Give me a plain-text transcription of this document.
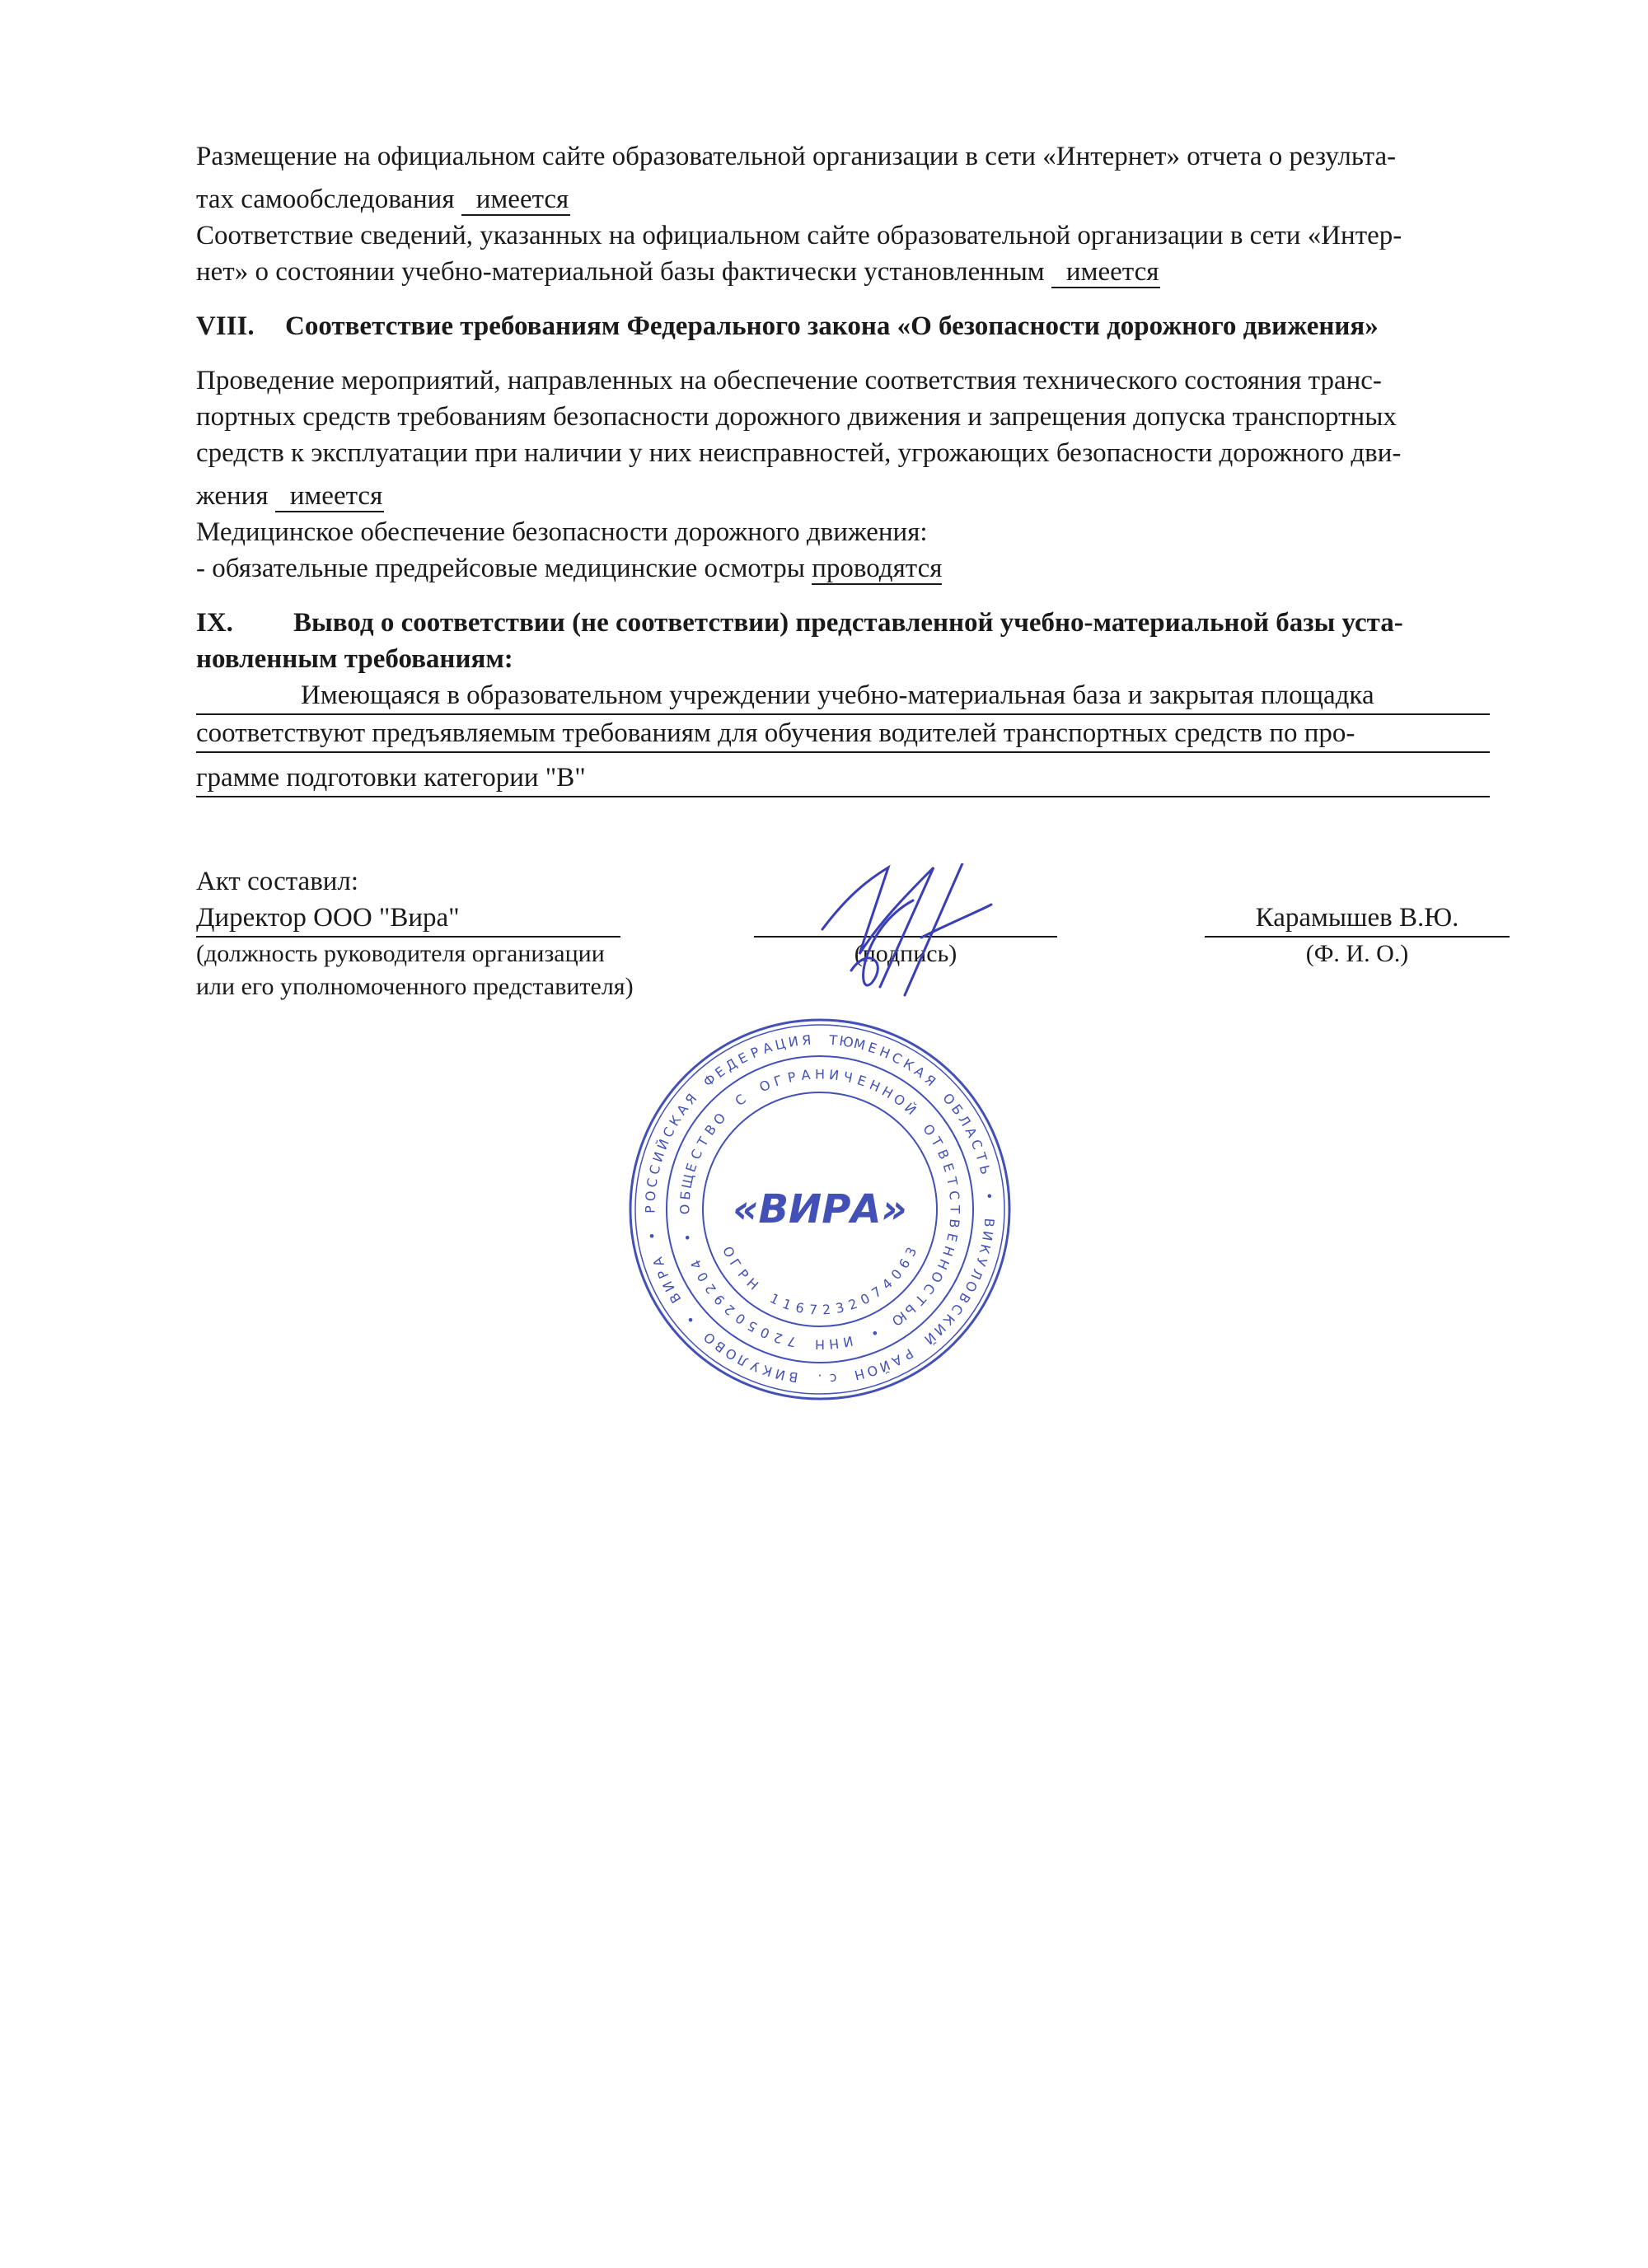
Размещение на официальном сайте образовательной организации в сети «Интернет» отчета о результа-
тах самообследования имеется
Соответствие сведений, указанных на официальном сайте образовательной организации в сети «Интер-
нет» о состоянии учебно-материальной базы фактически установленным имеется
VIII. Соответствие требованиям Федерального закона «О безопасности дорожного движения»
Проведение мероприятий, направленных на обеспечение соответствия технического состояния транс-
портных средств требованиям безопасности дорожного движения и запрещения допуска транспортных
средств к эксплуатации при наличии у них неисправностей, угрожающих безопасности дорожного дви-
жения имеется
Медицинское обеспечение безопасности дорожного движения:
- обязательные предрейсовые медицинские осмотры проводятся
IX. Вывод о соответствии (не соответствии) представленной учебно-материальной базы уста-
новленным требованиям:
Имеющаяся в образовательном учреждении учебно-материальная база и закрытая площадка
соответствуют предъявляемым требованиям для обучения водителей транспортных средств по про-
грамме подготовки категории "В"
Акт составил:
Директор ООО "Вира"
(должность руководителя организации
или его уполномоченного представителя)
(подпись)
Карамышев В.Ю.
(Ф. И. О.)
Р
О
С
С
И
Й
С
К
А
Я
Ф
Е
Д
Е
Р
А Ц И Я Т Ю
М
Е
Н
С
К
А
Я
О
Б
Л
А
С
Т
Ь
•
В
И
К
У
Л
О
В
С
К
И
Й
Р
А
Й
О
Н
с
.
В
И
К
У
Л
О
В
О
•
В
И
Р
А
•
О
Б
Щ
Е
С
Т
В
О
С
О
Г Р А Н И Ч Е
Н
Н
О
Й
О
Т
В
Е
Т
С
Т
В
Е
Н
Н
О
С
Т
Ь
Ю
•
И
Н
Н
7
2
0
5
0
2
9
2
0
4
•
О
Г
Р
Н
1
1 6 7 2 3 2
0
7
4
0
6
3
«ВИРА»
